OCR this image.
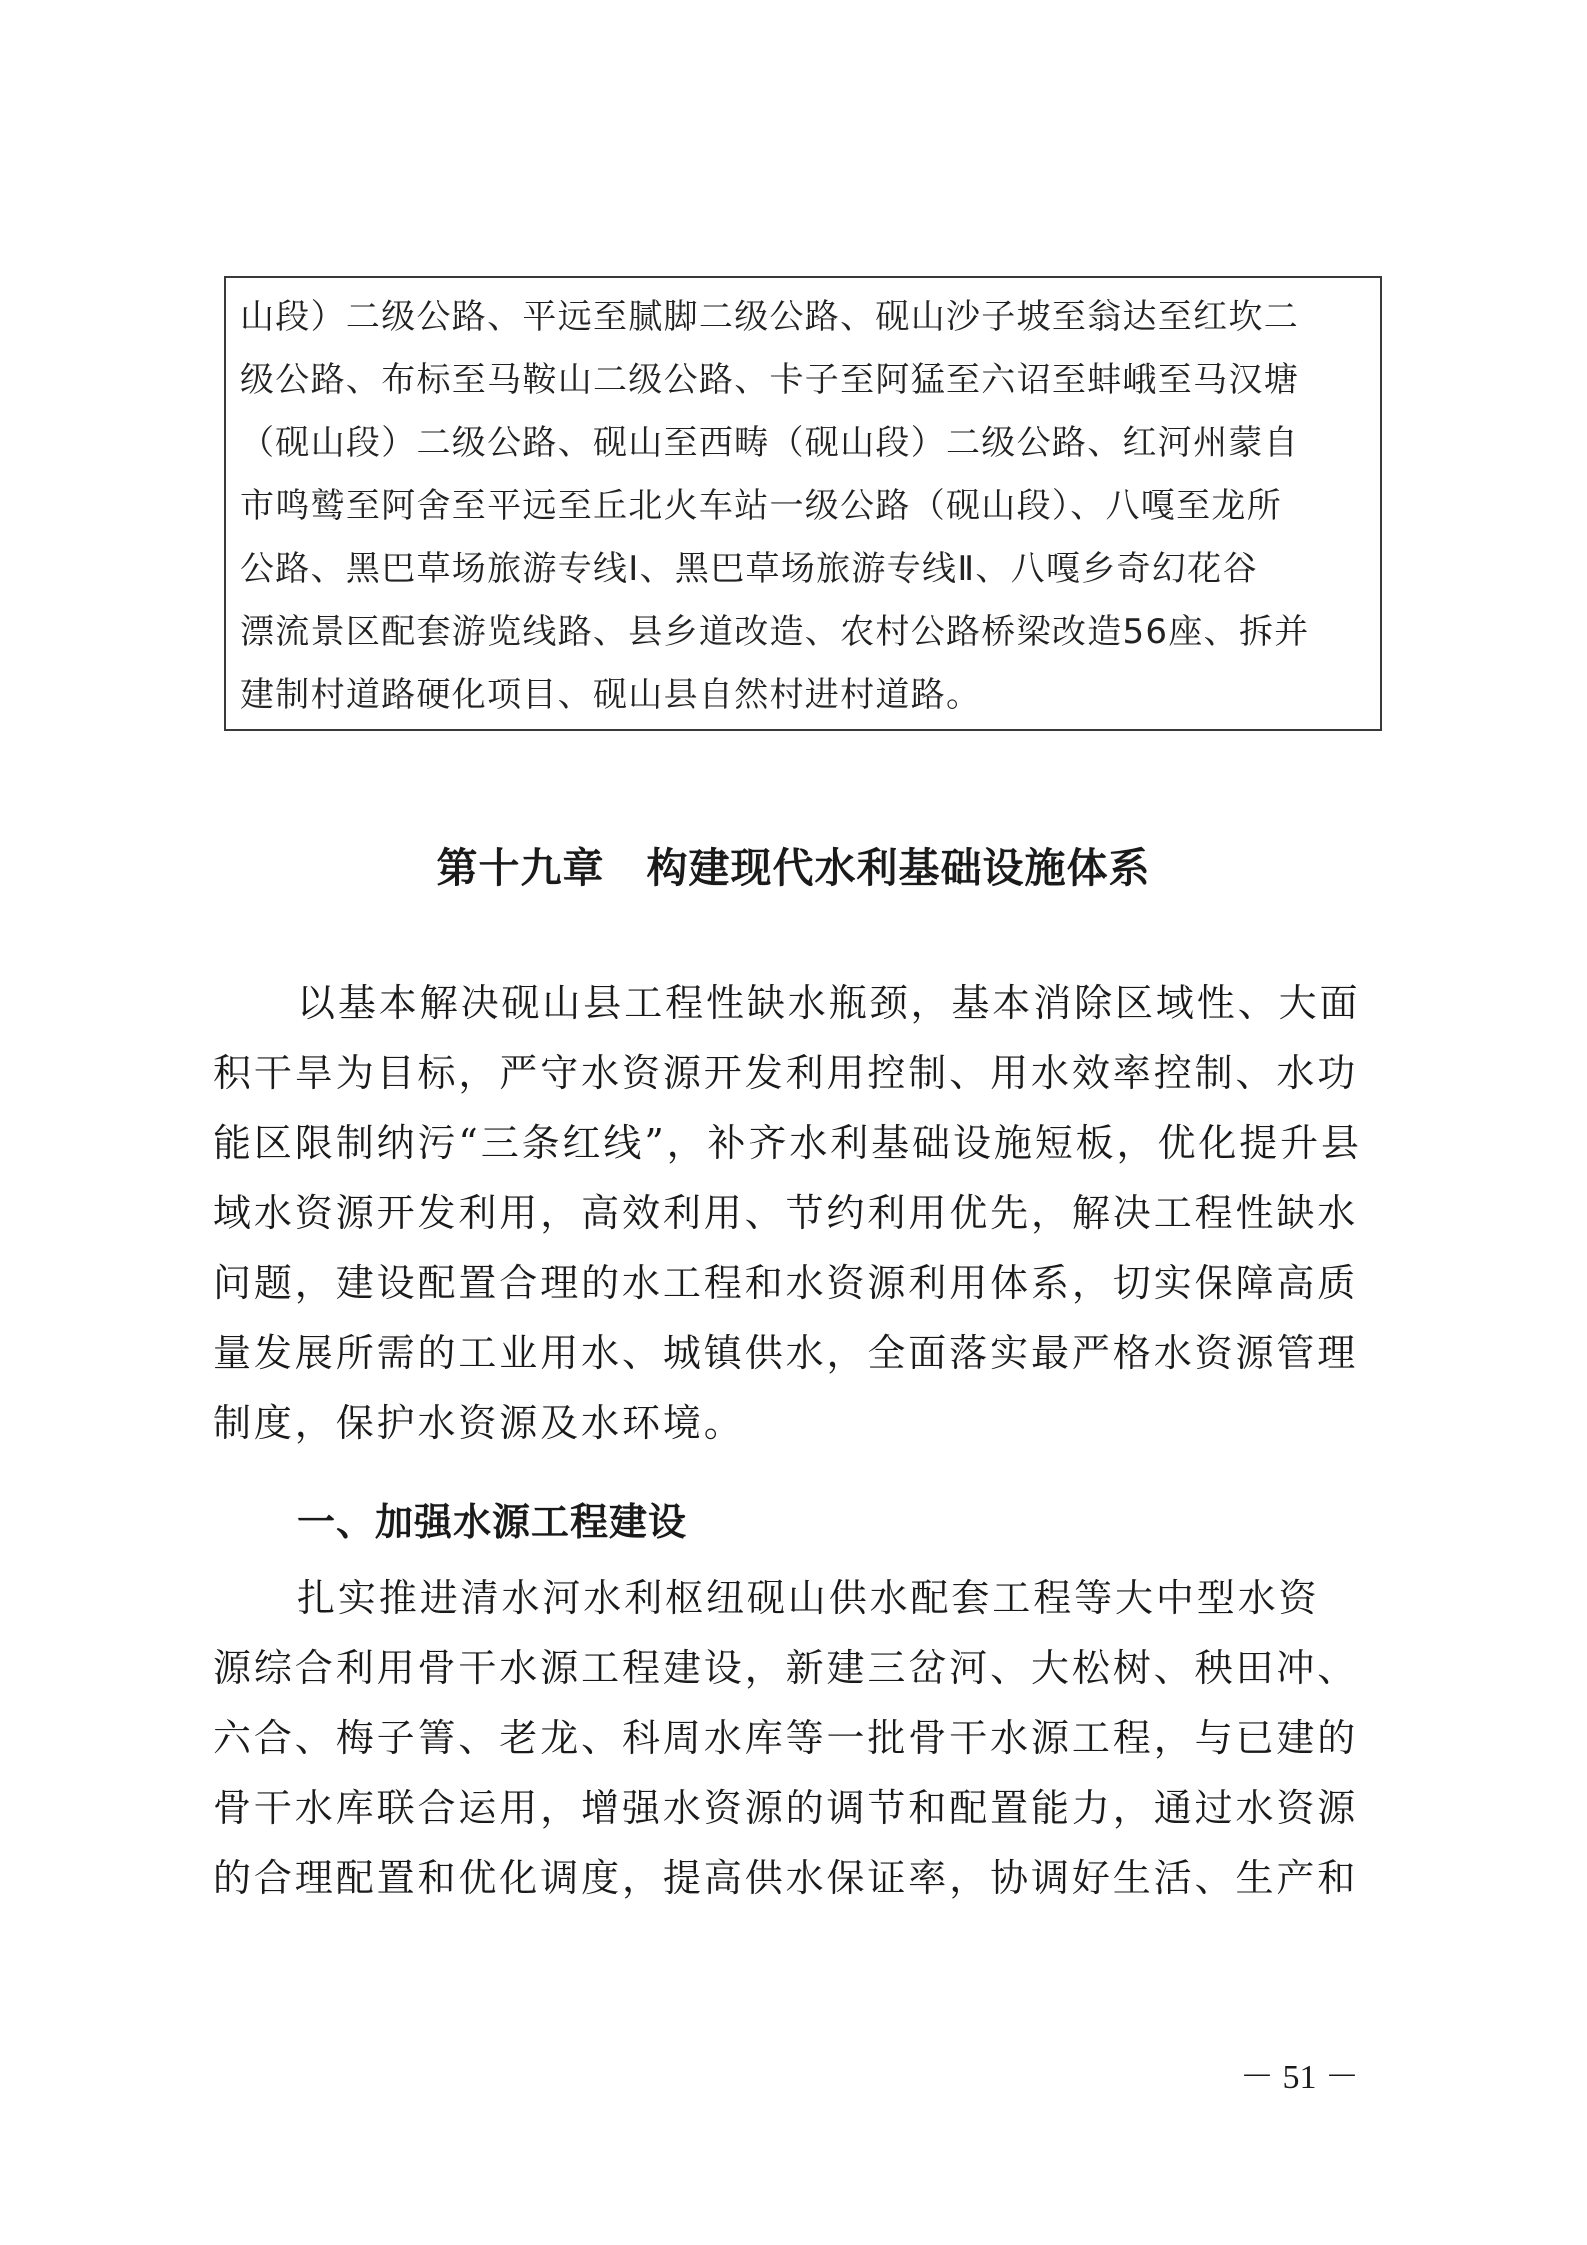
山段）二级公路、平远至腻脚二级公路、砚山沙子坡至翁达至红坎二
级公路、布标至马鞍山二级公路、卡子至阿猛至六诏至蚌峨至马汉塘
（砚山段）二级公路、砚山至西畴（砚山段）二级公路、红河州蒙自
市鸣鹫至阿舍至平远至丘北火车站一级公路（砚山段）、八嘎至龙所
公路、黑巴草场旅游专线Ⅰ、黑巴草场旅游专线Ⅱ、八嘎乡奇幻花谷
漂流景区配套游览线路、县乡道改造、农村公路桥梁改造56座、拆并
建制村道路硬化项目、砚山县自然村进村道路。
第十九章　构建现代水利基础设施体系
以基本解决砚山县工程性缺水瓶颈，基本消除区域性、大面
积干旱为目标，严守水资源开发利用控制、用水效率控制、水功
能区限制纳污“三条红线”，补齐水利基础设施短板，优化提升县
域水资源开发利用，高效利用、节约利用优先，解决工程性缺水
问题，建设配置合理的水工程和水资源利用体系，切实保障高质
量发展所需的工业用水、城镇供水，全面落实最严格水资源管理
制度，保护水资源及水环境。
一、加强水源工程建设
扎实推进清水河水利枢纽砚山供水配套工程等大中型水资
源综合利用骨干水源工程建设，新建三岔河、大松树、秧田冲、
六合、梅子箐、老龙、科周水库等一批骨干水源工程，与已建的
骨干水库联合运用，增强水资源的调节和配置能力，通过水资源
的合理配置和优化调度，提高供水保证率，协调好生活、生产和
－ 51 －
